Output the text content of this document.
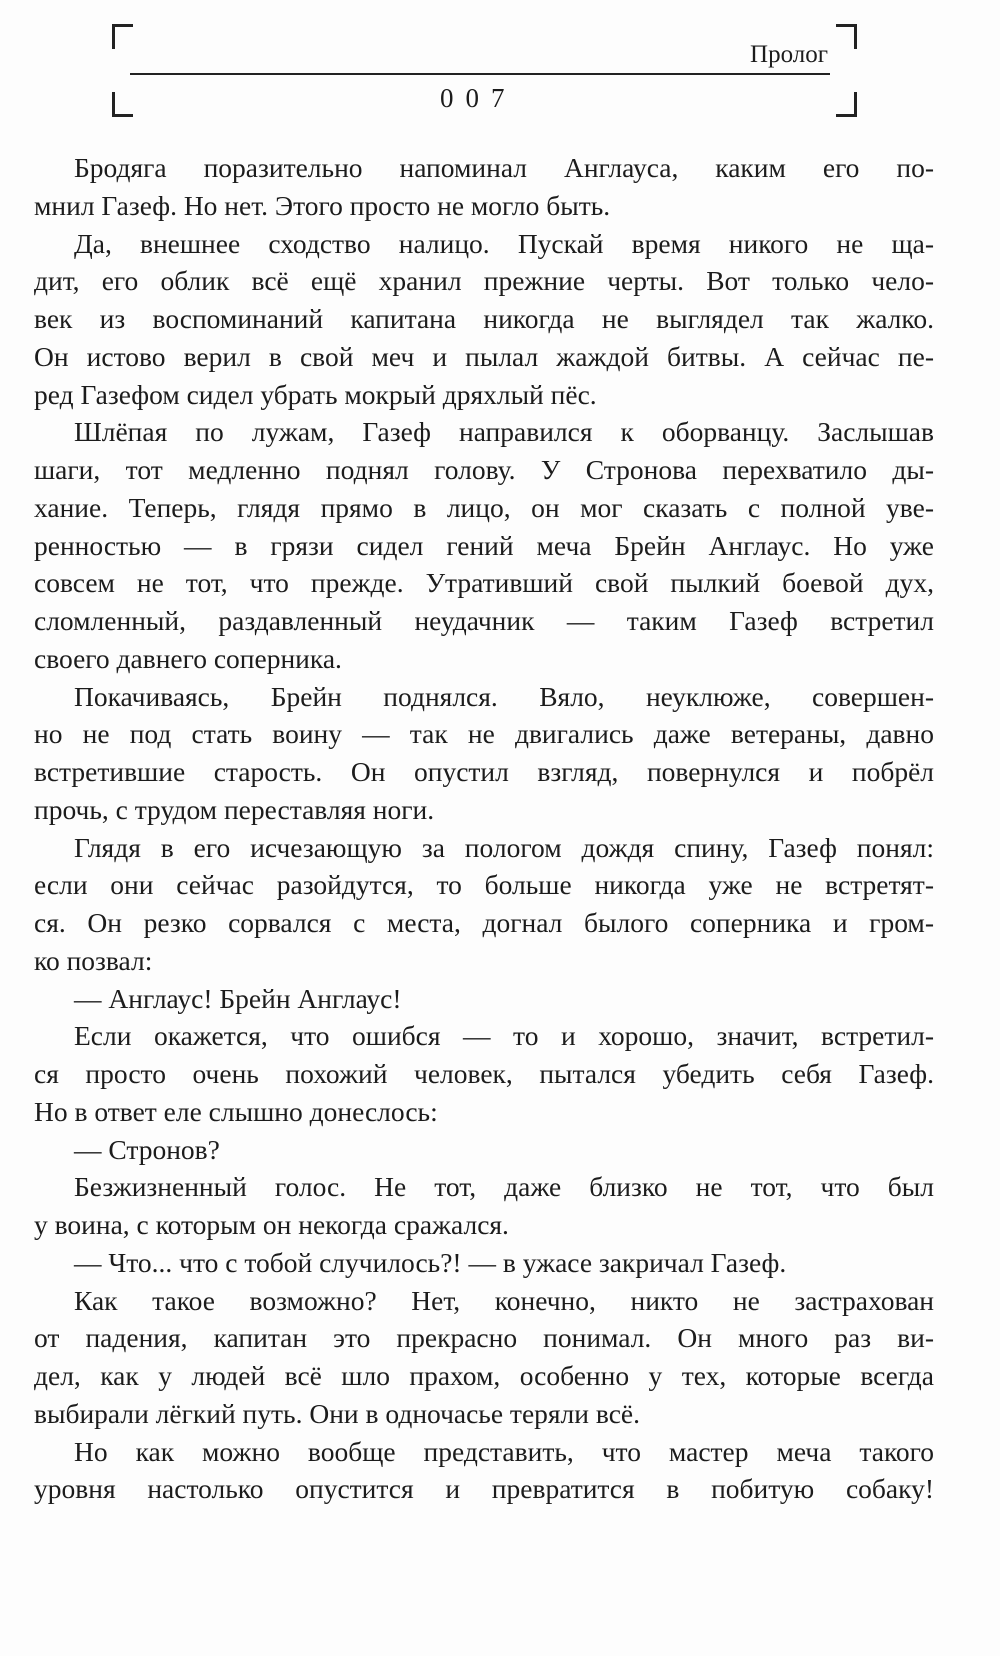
Пролог
007
Бродяга поразительно напоминал Англауса, каким его по-
мнил Газеф. Но нет. Этого просто не могло быть.
Да, внешнее сходство налицо. Пускай время никого не ща-
дит, его облик всё ещё хранил прежние черты. Вот только чело-
век из воспоминаний капитана никогда не выглядел так жалко.
Он истово верил в свой меч и пылал жаждой битвы. А сейчас пе-
ред Газефом сидел убрать мокрый дряхлый пёс.
Шлёпая по лужам, Газеф направился к оборванцу. Заслышав
шаги, тот медленно поднял голову. У Стронова перехватило ды-
хание. Теперь, глядя прямо в лицо, он мог сказать с полной уве-
ренностью — в грязи сидел гений меча Брейн Англаус. Но уже
совсем не тот, что прежде. Утративший свой пылкий боевой дух,
сломленный, раздавленный неудачник — таким Газеф встретил
своего давнего соперника.
Покачиваясь, Брейн поднялся. Вяло, неуклюже, совершен-
но не под стать воину — так не двигались даже ветераны, давно
встретившие старость. Он опустил взгляд, повернулся и побрёл
прочь, с трудом переставляя ноги.
Глядя в его исчезающую за пологом дождя спину, Газеф понял:
если они сейчас разойдутся, то больше никогда уже не встретят-
ся. Он резко сорвался с места, догнал былого соперника и гром-
ко позвал:
— Англаус! Брейн Англаус!
Если окажется, что ошибся — то и хорошо, значит, встретил-
ся просто очень похожий человек, пытался убедить себя Газеф.
Но в ответ еле слышно донеслось:
— Стронов?
Безжизненный голос. Не тот, даже близко не тот, что был
у воина, с которым он некогда сражался.
— Что... что с тобой случилось?! — в ужасе закричал Газеф.
Как такое возможно? Нет, конечно, никто не застрахован
от падения, капитан это прекрасно понимал. Он много раз ви-
дел, как у людей всё шло прахом, особенно у тех, которые всегда
выбирали лёгкий путь. Они в одночасье теряли всё.
Но как можно вообще представить, что мастер меча такого
уровня настолько опустится и превратится в побитую собаку!
